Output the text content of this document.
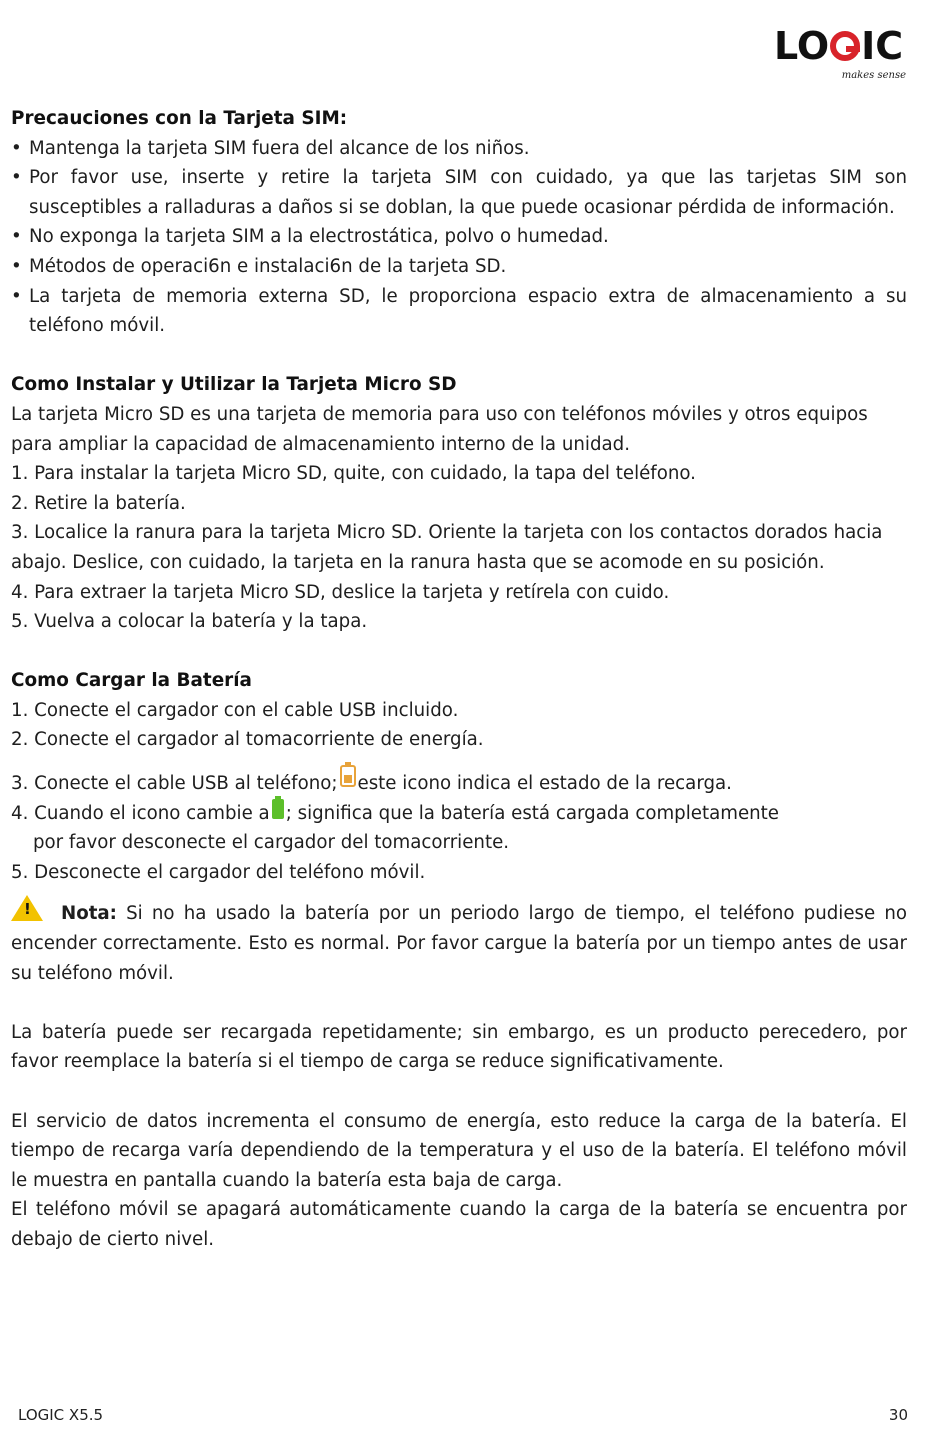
LO IC
makes sense

Precauciones con la Tarjeta SIM:

• Mantenga la tarjeta SIM fuera del alcance de los niños.
• Por favor use, inserte y retire la tarjeta SIM con cuidado, ya que las tarjetas SIM son susceptibles a ralladuras a daños si se doblan, la que puede ocasionar pérdida de información.
• No exponga la tarjeta SIM a la electrostática, polvo o humedad.
• Métodos de operaci6n e instalaci6n de la tarjeta SD.
• La tarjeta de memoria externa SD, le proporciona espacio extra de almacenamiento a su teléfono móvil.

Como Instalar y Utilizar la Tarjeta Micro SD

La tarjeta Micro SD es una tarjeta de memoria para uso con teléfonos móviles y otros equipos para ampliar la capacidad de almacenamiento interno de la unidad.

1. Para instalar la tarjeta Micro SD, quite, con cuidado, la tapa del teléfono.

2. Retire la batería.

3. Localice la ranura para la tarjeta Micro SD. Oriente la tarjeta con los contactos dorados hacia abajo. Deslice, con cuidado, la tarjeta en la ranura hasta que se acomode en su posición.

4. Para extraer la tarjeta Micro SD, deslice la tarjeta y retírela con cuido.

5. Vuelva a colocar la batería y la tapa.

Como Cargar la Batería

1. Conecte el cargador con el cable USB incluido.

2. Conecte el cargador al tomacorriente de energía.

3. Conecte el cable USB al teléfono; este icono indica el estado de la recarga.

4. Cuando el icono cambie a ; significa que la batería está cargada completamente

por favor desconecte el cargador del tomacorriente.

5. Desconecte el cargador del teléfono móvil.

! Nota: Si no ha usado la batería por un periodo largo de tiempo, el teléfono pudiese no encender correctamente. Esto es normal. Por favor cargue la batería por un tiempo antes de usar su teléfono móvil.

La batería puede ser recargada repetidamente; sin embargo, es un producto perecedero, por favor reemplace la batería si el tiempo de carga se reduce significativamente.

El servicio de datos incrementa el consumo de energía, esto reduce la carga de la batería. El tiempo de recarga varía dependiendo de la temperatura y el uso de la batería. El teléfono móvil le muestra en pantalla cuando la batería esta baja de carga.

El teléfono móvil se apagará automáticamente cuando la carga de la batería se encuentra por debajo de cierto nivel.

LOGIC X5.5	30
